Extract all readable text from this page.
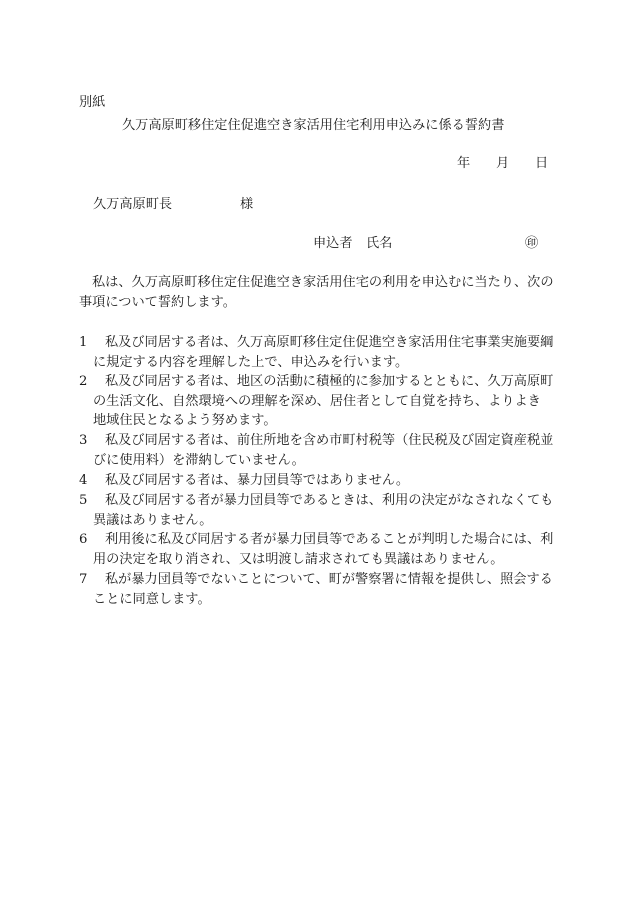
別紙
久万高原町移住定住促進空き家活用住宅利用申込みに係る誓約書
年 月 日
久万高原町長	様
申込者 氏名	㊞
私は、久万高原町移住定住促進空き家活用住宅の利用を申込むに当たり、次の事項について誓約します。
1 私及び同居する者は、久万高原町移住定住促進空き家活用住宅事業実施要綱に規定する内容を理解した上で、申込みを行います。
2 私及び同居する者は、地区の活動に積極的に参加するとともに、久万高原町の生活文化、自然環境への理解を深め、居住者として自覚を持ち、よりよき地域住民となるよう努めます。
3 私及び同居する者は、前住所地を含め市町村税等（住民税及び固定資産税並びに使用料）を滞納していません。
4 私及び同居する者は、暴力団員等ではありません。
5 私及び同居する者が暴力団員等であるときは、利用の決定がなされなくても異議はありません。
6 利用後に私及び同居する者が暴力団員等であることが判明した場合には、利用の決定を取り消され、又は明渡し請求されても異議はありません。
7 私が暴力団員等でないことについて、町が警察署に情報を提供し、照会することに同意します。
